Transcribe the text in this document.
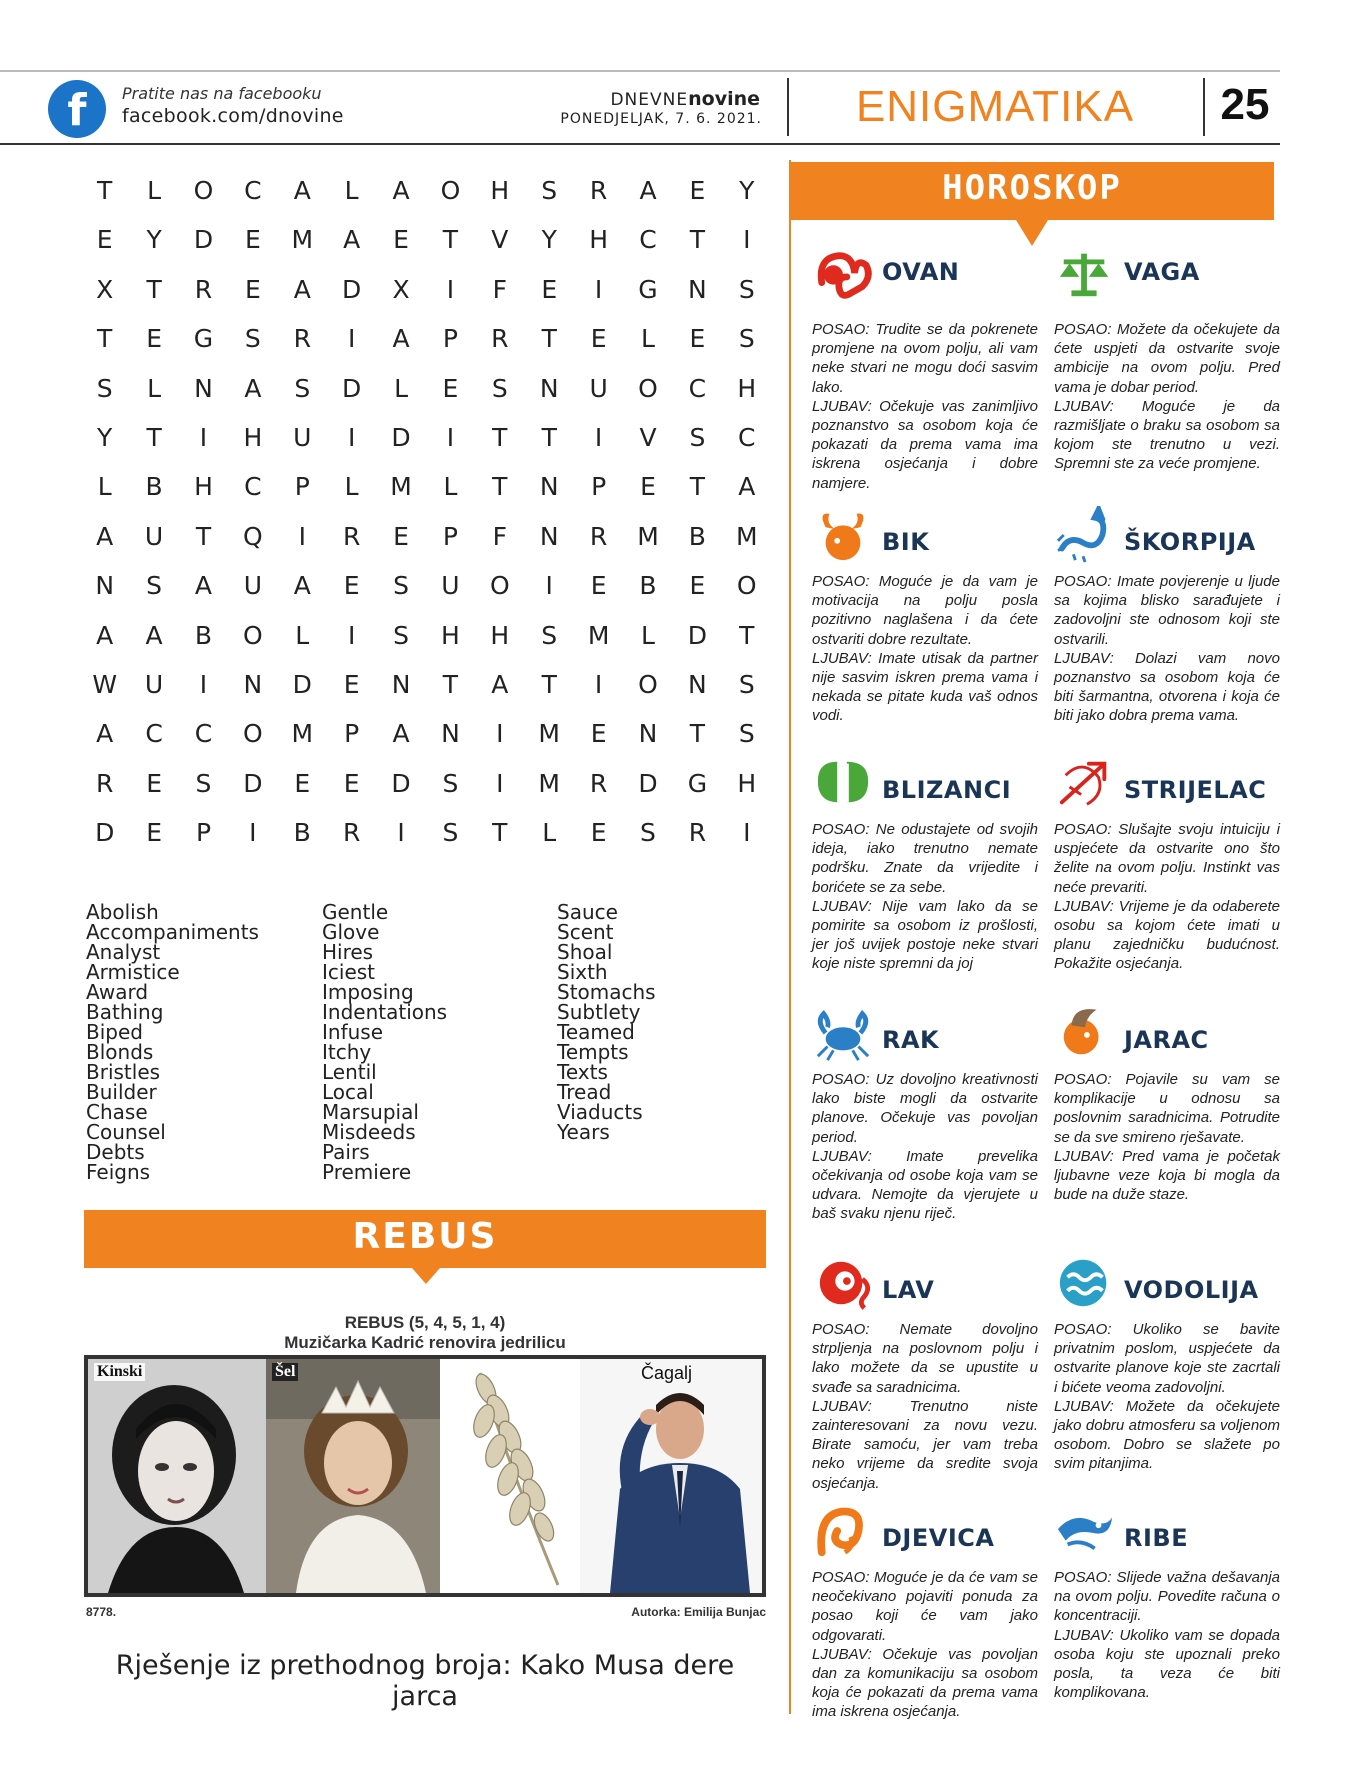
f	Pratite nas na facebooku
facebook.com/dnovine
DNEVNEnovine
PONEDJELJAK, 7. 6. 2021.	ENIGMATIKA	25
T	L	O	C	A	L	A	O	H	S	R	A	E	Y
E	Y	D	E	M	A	E	T	V	Y	H	C	T	I
X	T	R	E	A	D	X	I	F	E	I	G	N	S
T	E	G	S	R	I	A	P	R	T	E	L	E	S
S	L	N	A	S	D	L	E	S	N	U	O	C	H
Y	T	I	H	U	I	D	I	T	T	I	V	S	C
L	B	H	C	P	L	M	L	T	N	P	E	T	A
A	U	T	Q	I	R	E	P	F	N	R	M	B	M
N	S	A	U	A	E	S	U	O	I	E	B	E	O
A	A	B	O	L	I	S	H	H	S	M	L	D	T
W	U	I	N	D	E	N	T	A	T	I	O	N	S
A	C	C	O	M	P	A	N	I	M	E	N	T	S
R	E	S	D	E	E	D	S	I	M	R	D	G	H
D	E	P	I	B	R	I	S	T	L	E	S	R	I
Abolish
Accompaniments
Analyst
Armistice
Award
Bathing
Biped
Blonds
Bristles
Builder
Chase
Counsel
Debts
Feigns
Gentle
Glove
Hires
Iciest
Imposing
Indentations
Infuse
Itchy
Lentil
Local
Marsupial
Misdeeds
Pairs
Premiere
Sauce
Scent
Shoal
Sixth
Stomachs
Subtlety
Teamed
Tempts
Texts
Tread
Viaducts
Years
REBUS
REBUS (5, 4, 5, 1, 4)
Muzičarka Kadrić renovira jedrilicu
Kinski	Šel	Čagalj
8778.	Autorka: Emilija Bunjac
Rješenje iz prethodnog broja: Kako Musa dere jarca
HOROSKOP
OVAN
POSAO: Trudite se da pokrenete promjene na ovom polju, ali vam neke stvari ne mogu doći sasvim lako.
LJUBAV: Očekuje vas zanimljivo poznanstvo sa osobom koja će pokazati da prema vama ima iskrena osjećanja i dobre namjere.
VAGA
POSAO: Možete da očekujete da ćete uspjeti da ostvarite svoje ambicije na ovom polju. Pred vama je dobar period.
LJUBAV: Moguće je da razmišljate o braku sa osobom sa kojom ste trenutno u vezi. Spremni ste za veće promjene.
BIK
POSAO: Moguće je da vam je motivacija na polju posla pozitivno naglašena i da ćete ostvariti dobre rezultate.
LJUBAV: Imate utisak da partner nije sasvim iskren prema vama i nekada se pitate kuda vaš odnos vodi.
ŠKORPIJA
POSAO: Imate povjerenje u ljude sa kojima blisko sarađujete i zadovoljni ste odnosom koji ste ostvarili.
LJUBAV: Dolazi vam novo poznanstvo sa osobom koja će biti šarmantna, otvorena i koja će biti jako dobra prema vama.
BLIZANCI
POSAO: Ne odustajete od svojih ideja, iako trenutno nemate podršku. Znate da vrijedite i borićete se za sebe.
LJUBAV: Nije vam lako da se pomirite sa osobom iz prošlosti, jer još uvijek postoje neke stvari koje niste spremni da joj
STRIJELAC
POSAO: Slušajte svoju intuiciju i uspjećete da ostvarite ono što želite na ovom polju. Instinkt vas neće prevariti.
LJUBAV: Vrijeme je da odaberete osobu sa kojom ćete imati u planu zajedničku budućnost. Pokažite osjećanja.
RAK
POSAO: Uz dovoljno kreativnosti lako biste mogli da ostvarite planove. Očekuje vas povoljan period.
LJUBAV: Imate prevelika očekivanja od osobe koja vam se udvara. Nemojte da vjerujete u baš svaku njenu riječ.
JARAC
POSAO: Pojavile su vam se komplikacije u odnosu sa poslovnim saradnicima. Potrudite se da sve smireno rješavate.
LJUBAV: Pred vama je početak ljubavne veze koja bi mogla da bude na duže staze.
LAV
POSAO: Nemate dovoljno strpljenja na poslovnom polju i lako možete da se upustite u svađe sa saradnicima.
LJUBAV: Trenutno niste zainteresovani za novu vezu. Birate samoću, jer vam treba neko vrijeme da sredite svoja osjećanja.
VODOLIJA
POSAO: Ukoliko se bavite privatnim poslom, uspjećete da ostvarite planove koje ste zacrtali i bićete veoma zadovoljni.
LJUBAV: Možete da očekujete jako dobru atmosferu sa voljenom osobom. Dobro se slažete po svim pitanjima.
DJEVICA
POSAO: Moguće je da će vam se neočekivano pojaviti ponuda za posao koji će vam jako odgovarati.
LJUBAV: Očekuje vas povoljan dan za komunikaciju sa osobom koja će pokazati da prema vama ima iskrena osjećanja.
RIBE
POSAO: Slijede važna dešavanja na ovom polju. Povedite računa o koncentraciji.
LJUBAV: Ukoliko vam se dopada osoba koju ste upoznali preko posla, ta veza će biti komplikovana.
